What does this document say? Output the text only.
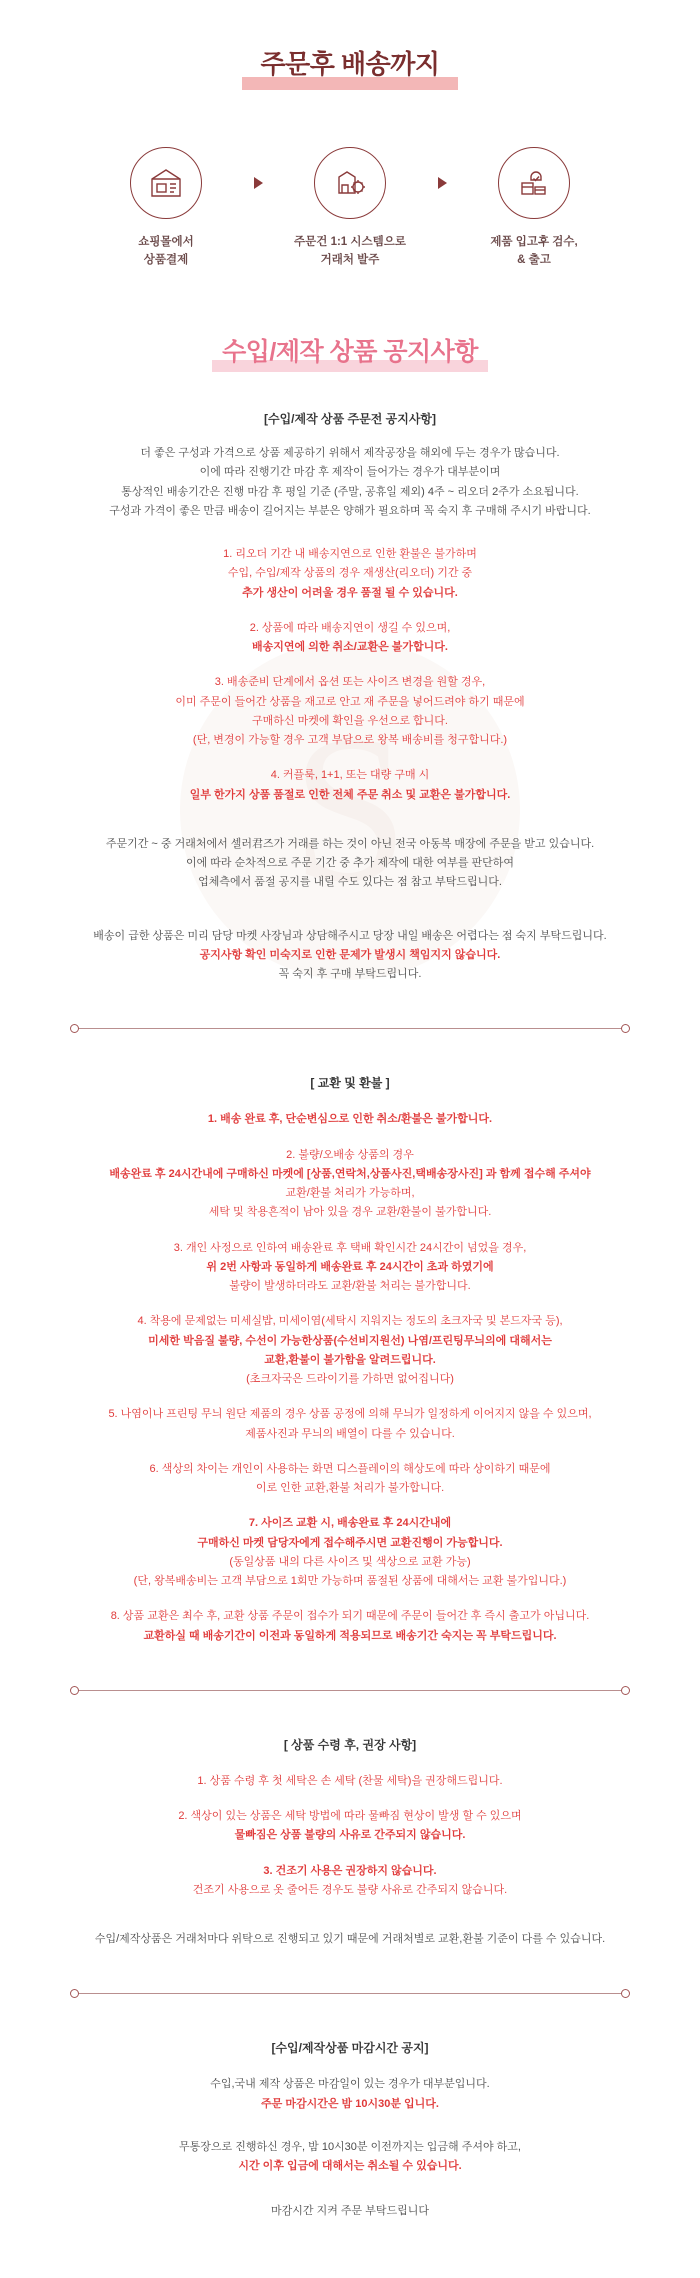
S
주문후 배송까지
쇼핑몰에서
상품결제
주문건 1:1 시스템으로
거래처 발주
제품 입고후 검수,
& 출고
수입/제작 상품 공지사항
[수입/제작 상품 주문전 공지사항]

더 좋은 구성과 가격으로 상품 제공하기 위해서 제작공장을 해외에 두는 경우가 많습니다.

이에 따라 진행기간 마감 후 제작이 들어가는 경우가 대부분이며

통상적인 배송기간은 진행 마감 후 평일 기준 (주말, 공휴일 제외) 4주 ~ 리오더 2주가 소요됩니다.

구성과 가격이 좋은 만큼 배송이 길어지는 부분은 양해가 필요하며 꼭 숙지 후 구매해 주시기 바랍니다.

1. 리오더 기간 내 배송지연으로 인한 환불은 불가하며

수입, 수입/제작 상품의 경우 재생산(리오더) 기간 중

추가 생산이 어려울 경우 품절 될 수 있습니다.

2. 상품에 따라 배송지연이 생길 수 있으며,

배송지연에 의한 취소/교환은 불가합니다.

3. 배송준비 단계에서 옵션 또는 사이즈 변경을 원할 경우,

이미 주문이 들어간 상품을 재고로 안고 재 주문을 넣어드려야 하기 때문에

구매하신 마켓에 확인을 우선으로 합니다.

(단, 변경이 가능할 경우 고객 부담으로 왕복 배송비를 청구합니다.)

4. 커플룩, 1+1, 또는 대량 구매 시

일부 한가지 상품 품절로 인한 전체 주문 취소 및 교환은 불가합니다.

주문기간 ~ 중 거래처에서 셀러君즈가 거래를 하는 것이 아닌 전국 아동복 매장에 주문을 받고 있습니다.

이에 따라 순차적으로 주문 기간 중 추가 제작에 대한 여부를 판단하여

업체측에서 품절 공지를 내릴 수도 있다는 점 참고 부탁드립니다.

배송이 급한 상품은 미리 담당 마켓 사장님과 상담해주시고 당장 내일 배송은 어렵다는 점 숙지 부탁드립니다.

공지사항 확인 미숙지로 인한 문제가 발생시 책임지지 않습니다.

꼭 숙지 후 구매 부탁드립니다.

[ 교환 및 환불 ]

1. 배송 완료 후, 단순변심으로 인한 취소/환불은 불가합니다.

2. 불량/오배송 상품의 경우

배송완료 후 24시간내에 구매하신 마켓에 [상품,연락처,상품사진,택배송장사진] 과 함께 접수해 주셔야

교환/환불 처리가 가능하며,

세탁 및 착용흔적이 남아 있을 경우 교환/환불이 불가합니다.

3. 개인 사정으로 인하여 배송완료 후 택배 확인시간 24시간이 넘었을 경우,

위 2번 사항과 동일하게 배송완료 후 24시간이 초과 하였기에

불량이 발생하더라도 교환/환불 처리는 불가합니다.

4. 착용에 문제없는 미세실밥, 미세이염(세탁시 지워지는 정도의 초크자국 및 본드자국 등),

미세한 박음질 불량, 수선이 가능한상품(수선비지원선) 나염/프린팅무늬의에 대해서는

교환,환불이 불가함을 알려드립니다.

(초크자국은 드라이기를 가하면 없어집니다)

5. 나염이나 프린팅 무늬 원단 제품의 경우 상품 공정에 의해 무늬가 일정하게 이어지지 않을 수 있으며,

제품사진과 무늬의 배열이 다를 수 있습니다.

6. 색상의 차이는 개인이 사용하는 화면 디스플레이의 해상도에 따라 상이하기 때문에

이로 인한 교환,환불 처리가 불가합니다.

7. 사이즈 교환 시, 배송완료 후 24시간내에

구매하신 마켓 담당자에게 접수해주시면 교환진행이 가능합니다.

(동일상품 내의 다른 사이즈 및 색상으로 교환 가능)

(단, 왕복배송비는 고객 부담으로 1회만 가능하며 품절된 상품에 대해서는 교환 불가입니다.)

8. 상품 교환은 최수 후, 교환 상품 주문이 접수가 되기 때문에 주문이 들어간 후 즉시 출고가 아닙니다.

교환하실 때 배송기간이 이전과 동일하게 적용되므로 배송기간 숙지는 꼭 부탁드립니다.

[ 상품 수령 후, 권장 사항]

1. 상품 수령 후 첫 세탁은 손 세탁 (찬물 세탁)을 권장해드립니다.

2. 색상이 있는 상품은 세탁 방법에 따라 물빠짐 현상이 발생 할 수 있으며

물빠짐은 상품 불량의 사유로 간주되지 않습니다.

3. 건조기 사용은 권장하지 않습니다.

건조기 사용으로 옷 줄어든 경우도 불량 사유로 간주되지 않습니다.

수입/제작상품은 거래처마다 위탁으로 진행되고 있기 때문에 거래처별로 교환,환불 기준이 다를 수 있습니다.

[수입/제작상품 마감시간 공지]

수입,국내 제작 상품은 마감일이 있는 경우가 대부분입니다.

주문 마감시간은 밤 10시30분 입니다.

무통장으로 진행하신 경우, 밤 10시30분 이전까지는 입금해 주셔야 하고,

시간 이후 입금에 대해서는 취소될 수 있습니다.

마감시간 지켜 주문 부탁드립니다
